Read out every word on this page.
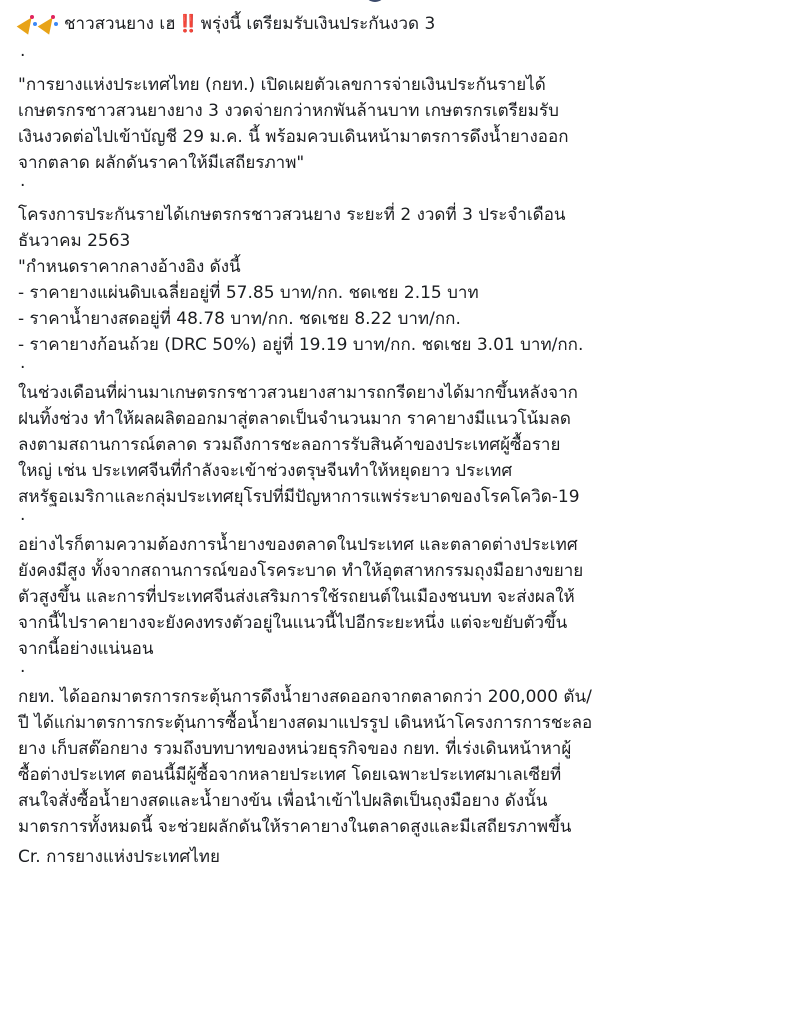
ชาวสวนยาง เฮ ‼️ พรุ่งนี้ เตรียมรับเงินประกันงวด 3
.

"การยางแห่งประเทศไทย (กยท.) เปิดเผยตัวเลขการจ่ายเงินประกันรายได้

เกษตรกรชาวสวนยางยาง 3 งวดจ่ายกว่าหกพันล้านบาท เกษตรกรเตรียมรับ

เงินงวดต่อไปเข้าบัญชี 29 ม.ค. นี้ พร้อมควบเดินหน้ามาตรการดึงน้ำยางออก

จากตลาด ผลักดันราคาให้มีเสถียรภาพ"

.

โครงการประกันรายได้เกษตรกรชาวสวนยาง ระยะที่ 2 งวดที่ 3 ประจำเดือน

ธันวาคม 2563

"กำหนดราคากลางอ้างอิง ดังนี้

- ราคายางแผ่นดิบเฉลี่ยอยู่ที่ 57.85 บาท/กก. ชดเชย 2.15 บาท

- ราคาน้ำยางสดอยู่ที่ 48.78 บาท/กก. ชดเชย 8.22 บาท/กก.

- ราคายางก้อนถ้วย (DRC 50%) อยู่ที่ 19.19 บาท/กก. ชดเชย 3.01 บาท/กก.

.

ในช่วงเดือนที่ผ่านมาเกษตรกรชาวสวนยางสามารถกรีดยางได้มากขึ้นหลังจาก

ฝนทิ้งช่วง ทำให้ผลผลิตออกมาสู่ตลาดเป็นจำนวนมาก ราคายางมีแนวโน้มลด

ลงตามสถานการณ์ตลาด รวมถึงการชะลอการรับสินค้าของประเทศผู้ซื้อราย

ใหญ่ เช่น ประเทศจีนที่กำลังจะเข้าช่วงตรุษจีนทำให้หยุดยาว ประเทศ

สหรัฐอเมริกาและกลุ่มประเทศยุโรปที่มีปัญหาการแพร่ระบาดของโรคโควิด-19

.

อย่างไรก็ตามความต้องการน้ำยางของตลาดในประเทศ และตลาดต่างประเทศ

ยังคงมีสูง ทั้งจากสถานการณ์ของโรคระบาด ทำให้อุตสาหกรรมถุงมือยางขยาย

ตัวสูงขึ้น และการที่ประเทศจีนส่งเสริมการใช้รถยนต์ในเมืองชนบท จะส่งผลให้

จากนี้ไปราคายางจะยังคงทรงตัวอยู่ในแนวนี้ไปอีกระยะหนึ่ง แต่จะขยับตัวขึ้น

จากนี้อย่างแน่นอน

.

กยท. ได้ออกมาตรการกระตุ้นการดึงน้ำยางสดออกจากตลาดกว่า 200,000 ตัน/

ปี ได้แก่มาตรการกระตุ้นการซื้อน้ำยางสดมาแปรรูป เดินหน้าโครงการการชะลอ

ยาง เก็บสต๊อกยาง รวมถึงบทบาทของหน่วยธุรกิจของ กยท. ที่เร่งเดินหน้าหาผู้

ซื้อต่างประเทศ ตอนนี้มีผู้ซื้อจากหลายประเทศ โดยเฉพาะประเทศมาเลเซียที่

สนใจสั่งซื้อน้ำยางสดและน้ำยางข้น เพื่อนำเข้าไปผลิตเป็นถุงมือยาง ดังนั้น

มาตรการทั้งหมดนี้ จะช่วยผลักดันให้ราคายางในตลาดสูงและมีเสถียรภาพขึ้น

Cr. การยางแห่งประเทศไทย
